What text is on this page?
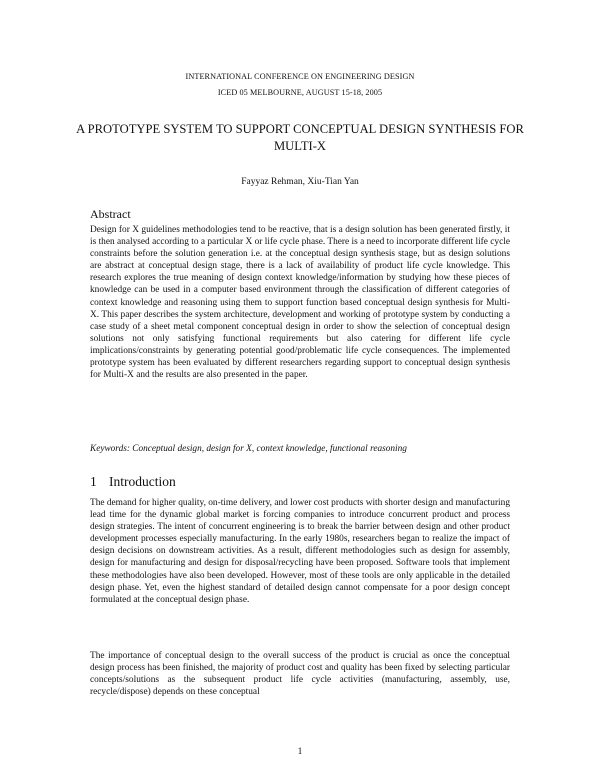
INTERNATIONAL CONFERENCE ON ENGINEERING DESIGN
ICED 05 MELBOURNE, AUGUST 15-18, 2005
A PROTOTYPE SYSTEM TO SUPPORT CONCEPTUAL DESIGN SYNTHESIS FOR MULTI-X
Fayyaz Rehman, Xiu-Tian Yan
Abstract

Design for X guidelines methodologies tend to be reactive, that is a design solution has been generated firstly, it is then analysed according to a particular X or life cycle phase. There is a need to incorporate different life cycle constraints before the solution generation i.e. at the conceptual design synthesis stage, but as design solutions are abstract at conceptual design stage, there is a lack of availability of product life cycle knowledge. This research explores the true meaning of design context knowledge/information by studying how these pieces of knowledge can be used in a computer based environment through the classification of different categories of context knowledge and reasoning using them to support function based conceptual design synthesis for Multi-X. This paper describes the system architecture, development and working of prototype system by conducting a case study of a sheet metal component conceptual design in order to show the selection of conceptual design solutions not only satisfying functional requirements but also catering for different life cycle implications/constraints by generating potential good/problematic life cycle consequences. The implemented prototype system has been evaluated by different researchers regarding support to conceptual design synthesis for Multi-X and the results are also presented in the paper.

Keywords: Conceptual design, design for X, context knowledge, functional reasoning

1 Introduction

The demand for higher quality, on-time delivery, and lower cost products with shorter design and manufacturing lead time for the dynamic global market is forcing companies to introduce concurrent product and process design strategies. The intent of concurrent engineering is to break the barrier between design and other product development processes especially manufacturing. In the early 1980s, researchers began to realize the impact of design decisions on downstream activities. As a result, different methodologies such as design for assembly, design for manufacturing and design for disposal/recycling have been proposed. Software tools that implement these methodologies have also been developed. However, most of these tools are only applicable in the detailed design phase. Yet, even the highest standard of detailed design cannot compensate for a poor design concept formulated at the conceptual design phase.

The importance of conceptual design to the overall success of the product is crucial as once the conceptual design process has been finished, the majority of product cost and quality has been fixed by selecting particular concepts/solutions as the subsequent product life cycle activities (manufacturing, assembly, use, recycle/dispose) depends on these conceptual

1
